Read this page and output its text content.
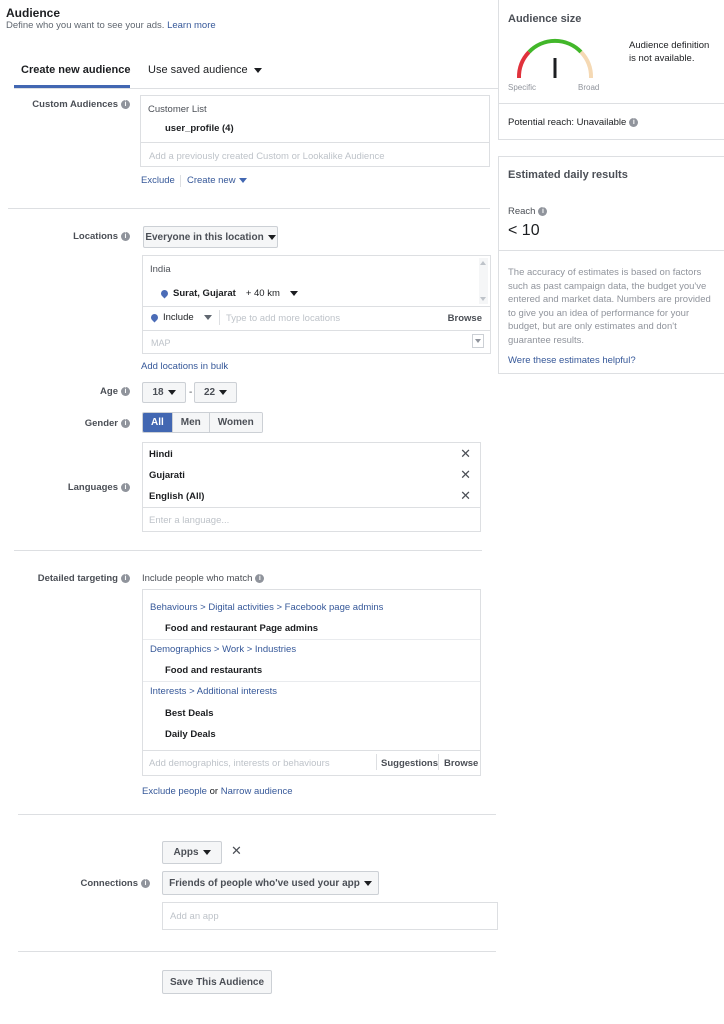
Audience
Define who you want to see your ads. Learn more
Create new audience Use saved audience
Custom Audiences i	Customer List
user_profile (4)
Add a previously created Custom or Lookalike Audience
Exclude Create new
Locations i	Everyone in this location
India
Surat, Gujarat + 40 km
Include	Type to add more locations	Browse
MAP
Add locations in bulk
Age i	18	- 22
Gender i	All	Men	Women
Languages i
Hindi	✕
Gujarati	✕
English (All)	✕
Enter a language...
Detailed targeting i	Include people who match i
Behaviours > Digital activities > Facebook page admins
Food and restaurant Page admins
Demographics > Work > Industries
Food and restaurants
Interests > Additional interests
Best Deals
Daily Deals
Add demographics, interests or behaviours	Suggestions Browse
Exclude people or Narrow audience
Apps	✕
Connections i	Friends of people who've used your app
Add an app
Save This Audience
Audience size
Specific	Broad
Audience definition is not available.
Potential reach: Unavailable i
Estimated daily results
Reach i
< 10
The accuracy of estimates is based on factors such as past campaign data, the budget you've entered and market data. Numbers are provided to give you an idea of performance for your budget, but are only estimates and don't guarantee results.
Were these estimates helpful?
